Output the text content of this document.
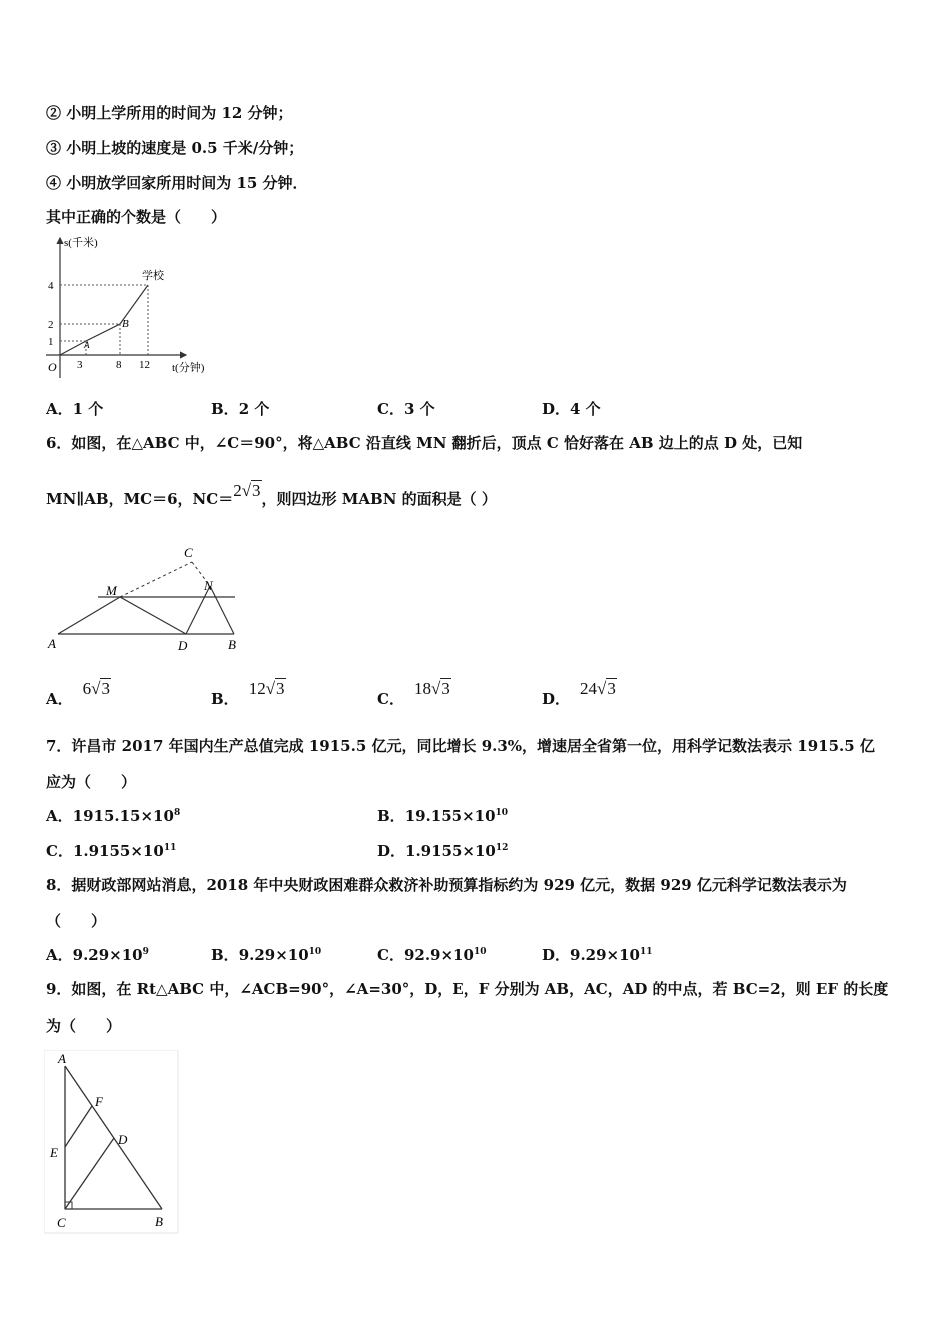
② 小明上学所用的时间为 12 分钟；
③ 小明上坡的速度是 0.5 千米/分钟；
④ 小明放学回家所用时间为 15 分钟．
其中正确的个数是（　　）
s(千米)
t(分钟)
O
学校
B
A
4
2
1
3	8 12
A．1 个	B．2 个	C．3 个	D．4 个
6．如图，在△ABC 中，∠C＝90°，将△ABC 沿直线 MN 翻折后，顶点 C 恰好落在 AB 边上的点 D 处，已知
MN∥AB，MC＝6，NC＝2√3，则四边形 MABN 的面积是（ ）
A	B
C
D
M	N
A．6√3
B．12√3
C．18√3
D．24√3
7．许昌市 2017 年国内生产总值完成 1915.5 亿元，同比增长 9.3%，增速居全省第一位，用科学记数法表示 1915.5 亿
应为（　　）
A．$1915.15\times 10^8$	B．$19.155\times 10^{10}$
C．$1.9155\times 10^{11}$	D．$1.9155\times 10^{12}$
8．据财政部网站消息，2018 年中央财政困难群众救济补助预算指标约为 929 亿元，数据 929 亿元科学记数法表示为
（　　）
A．$9.29\times 10^9$	B．$9.29\times 10^{10}$	C．$92.9\times 10^{10}$	D．$9.29\times 10^{11}$
9．如图，在 Rt△ABC 中，∠ACB=90°，∠A=30°，D，E，F 分别为 AB，AC，AD 的中点，若 BC=2，则 EF 的长度
为（　　）
A
B
C
D
E
F
